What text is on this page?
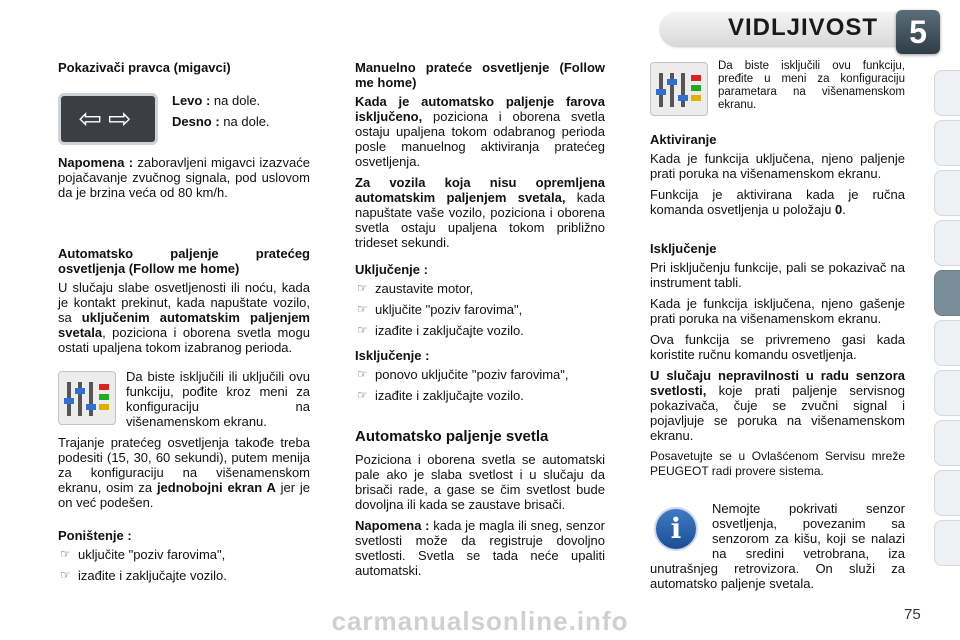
VIDLJIVOST 5

Pokazivači pravca (migavci)

⇦⇨

Levo : na dole.

Desno : na dole.

Napomena : zaboravljeni migavci izazvaće pojačavanje zvučnog signala, pod uslovom da je brzina veća od 80 km/h.

Automatsko paljenje pratećeg osvetljenja (Follow me home)

U slučaju slabe osvetljenosti ili noću, kada je kontakt prekinut, kada napuštate vozilo, sa uključenim automatskim paljenjem svetala, poziciona i oborena svetla mogu ostati upaljena tokom izabranog perioda.

Da biste isključili ili uključili ovu funkciju, pođite kroz meni za konfiguraciju na višenamenskom ekranu.

Trajanje pratećeg osvetljenja takođe treba podesiti (15, 30, 60 sekundi), putem menija za konfiguraciju na višenamenskom ekranu, osim za jednobojni ekran A jer je on već podešen.

Poništenje :

☞ uključite "poziv farovima",
☞ izađite i zaključajte vozilo.

Manuelno prateće osvetljenje (Follow me home)

Kada je automatsko paljenje farova isključeno, poziciona i oborena svetla ostaju upaljena tokom odabranog perioda posle manuelnog aktiviranja pratećeg osvetljenja.

Za vozila koja nisu opremljena automatskim paljenjem svetala, kada napuštate vaše vozilo, poziciona i oborena svetla ostaju upaljena tokom približno trideset sekundi.

Uključenje :

☞ zaustavite motor,
☞ uključite "poziv farovima",
☞ izađite i zaključajte vozilo.

Isključenje :

☞ ponovo uključite "poziv farovima",
☞ izađite i zaključajte vozilo.

Automatsko paljenje svetla

Poziciona i oborena svetla se automatski pale ako je slaba svetlost i u slučaju da brisači rade, a gase se čim svetlost bude dovoljna ili kada se zaustave brisači.

Napomena : kada je magla ili sneg, senzor svetlosti može da registruje dovoljno svetlosti. Svetla se tada neće upaliti automatski.

Da biste isključili ovu funkciju, pređite u meni za konfiguraciju parametara na višenamenskom ekranu.

Aktiviranje

Kada je funkcija uključena, njeno paljenje prati poruka na višenamenskom ekranu.

Funkcija je aktivirana kada je ručna komanda osvetljenja u položaju 0.

Isključenje

Pri isključenju funkcije, pali se pokazivač na instrument tabli.

Kada je funkcija isključena, njeno gašenje prati poruka na višenamenskom ekranu.

Ova funkcija se privremeno gasi kada koristite ručnu komandu osvetljenja.

U slučaju nepravilnosti u radu senzora svetlosti, koje prati paljenje servisnog pokazivača, čuje se zvučni signal i pojavljuje se poruka na višenamenskom ekranu.

Posavetujte se u Ovlašćenom Servisu mreže PEUGEOT radi provere sistema.

i

Nemojte pokrivati senzor osvetljenja, povezanim sa senzorom za kišu, koji se nalazi na sredini vetrobrana, iza unutrašnjeg retrovizora. On služi za automatsko paljenje svetala.

carmanualsonline.info	75
